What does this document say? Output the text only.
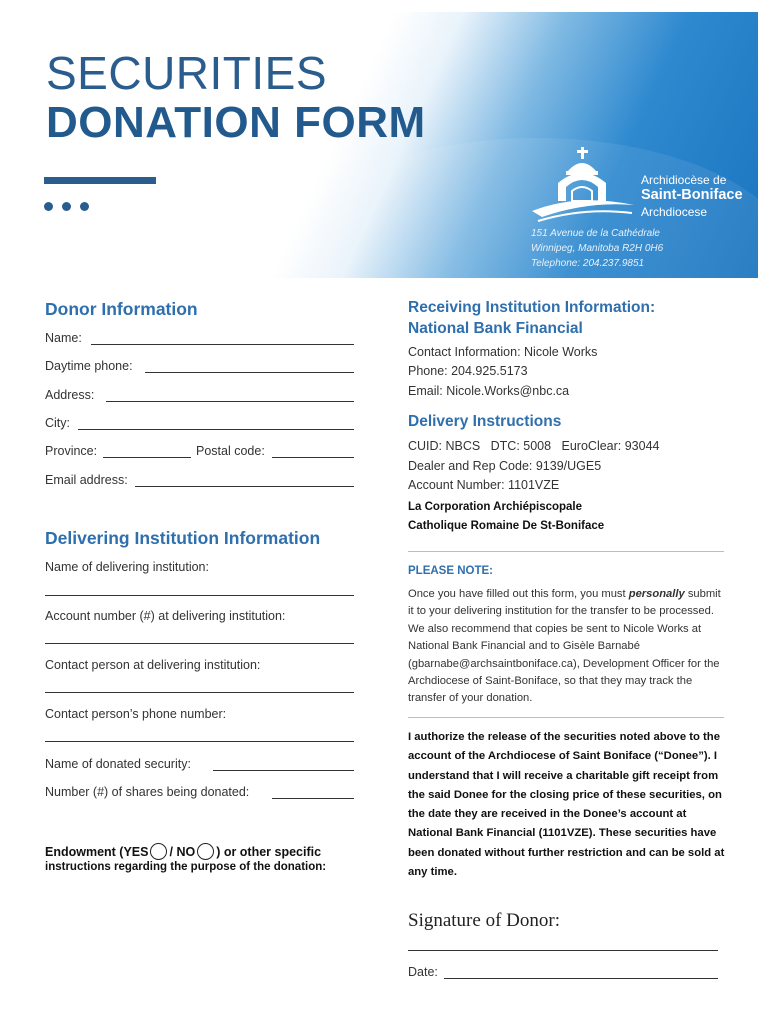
SECURITIES
DONATION FORM
Archidiocèse de
Saint-Boniface
Archdiocese
151 Avenue de la Cathédrale
Winnipeg, Manitoba R2H 0H6
Telephone: 204.237.9851
Donor Information
Name:
Daytime phone:
Address:
City:
Province:	Postal code:
Email address:
Delivering Institution Information
Name of delivering institution:
Account number (#) at delivering institution:
Contact person at delivering institution:
Contact person’s phone number:
Name of donated security:
Number (#) of shares being donated:
Endowment (YES / NO ) or other specific
instructions regarding the purpose of the donation:
Receiving Institution Information:
National Bank Financial
Contact Information: Nicole Works
Phone: 204.925.5173
Email: Nicole.Works@nbc.ca
Delivery Instructions
CUID: NBCS   DTC: 5008   EuroClear: 93044
Dealer and Rep Code: 9139/UGE5
Account Number: 1101VZE
La Corporation Archiépiscopale
Catholique Romaine De St-Boniface
PLEASE NOTE:
Once you have filled out this form, you must personally submit it to your delivering institution for the transfer to be processed. We also recommend that copies be sent to Nicole Works at National Bank Financial and to Gisèle Barnabé (gbarnabe@archsaintboniface.ca), Development Officer for the Archdiocese of Saint-Boniface, so that they may track the transfer of your donation.
I authorize the release of the securities noted above to the account of the Archdiocese of Saint Boniface (“Donee”). I understand that I will receive a charitable gift receipt from the said Donee for the closing price of these securities, on the date they are received in the Donee’s account at National Bank Financial (1101VZE). These securities have been donated without further restriction and can be sold at any time.
Signature of Donor:
Date:
